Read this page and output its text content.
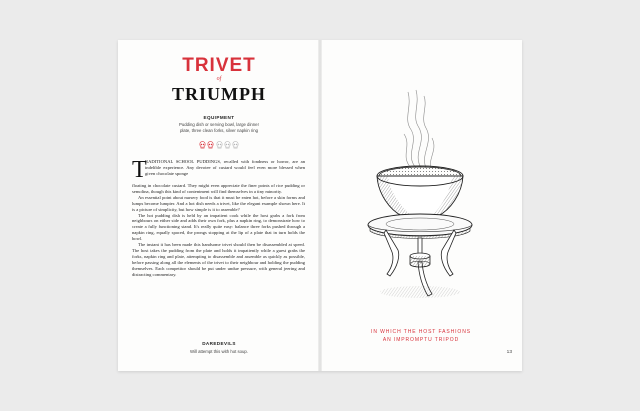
TRIVET
of
TRIUMPH
EQUIPMENT
Pudding dish or serving bowl, large dinner plate, three clean forks, silver napkin ring
T
RADITIONAL SCHOOL PUDDINGS, recalled with fondness or horror, are an indelible experience. Any devotee of custard would feel even more blessed when given chocolate sponge

floating in chocolate custard. They might even appreciate the finer points of rice pudding or semolina, though this kind of contentment will find themselves in a tiny minority.

An essential point about nursery food is that it must be eaten hot, before a skin forms and lumps become lumpier. And a hot dish needs a trivet, like the elegant example shown here. It is a picture of simplicity, but how simple is it to assemble?

The hot pudding dish is held by an impatient cook while the host grabs a fork from neighbours on either side and adds their own fork, plus a napkin ring, to demonstrate how to create a fully functioning stand. It's really quite easy: balance three forks pushed through a napkin ring, equally spaced, the prongs stopping at the lip of a plate that in turn holds the bowl.

The instant it has been made this handsome trivet should then be disassembled at speed. The host takes the pudding from the plate and holds it impatiently while a guest grabs the forks, napkin ring and plate, attempting to disassemble and assemble as quickly as possible, before passing along all the elements of the trivet to their neighbour and holding the pudding themselves. Each competitor should be put under undue pressure, with general jeering and distracting commentary.

DAREDEVILS
Will attempt this with hot soup.
IN WHICH THE HOST FASHIONS
AN IMPROMPTU TRIPOD
13
